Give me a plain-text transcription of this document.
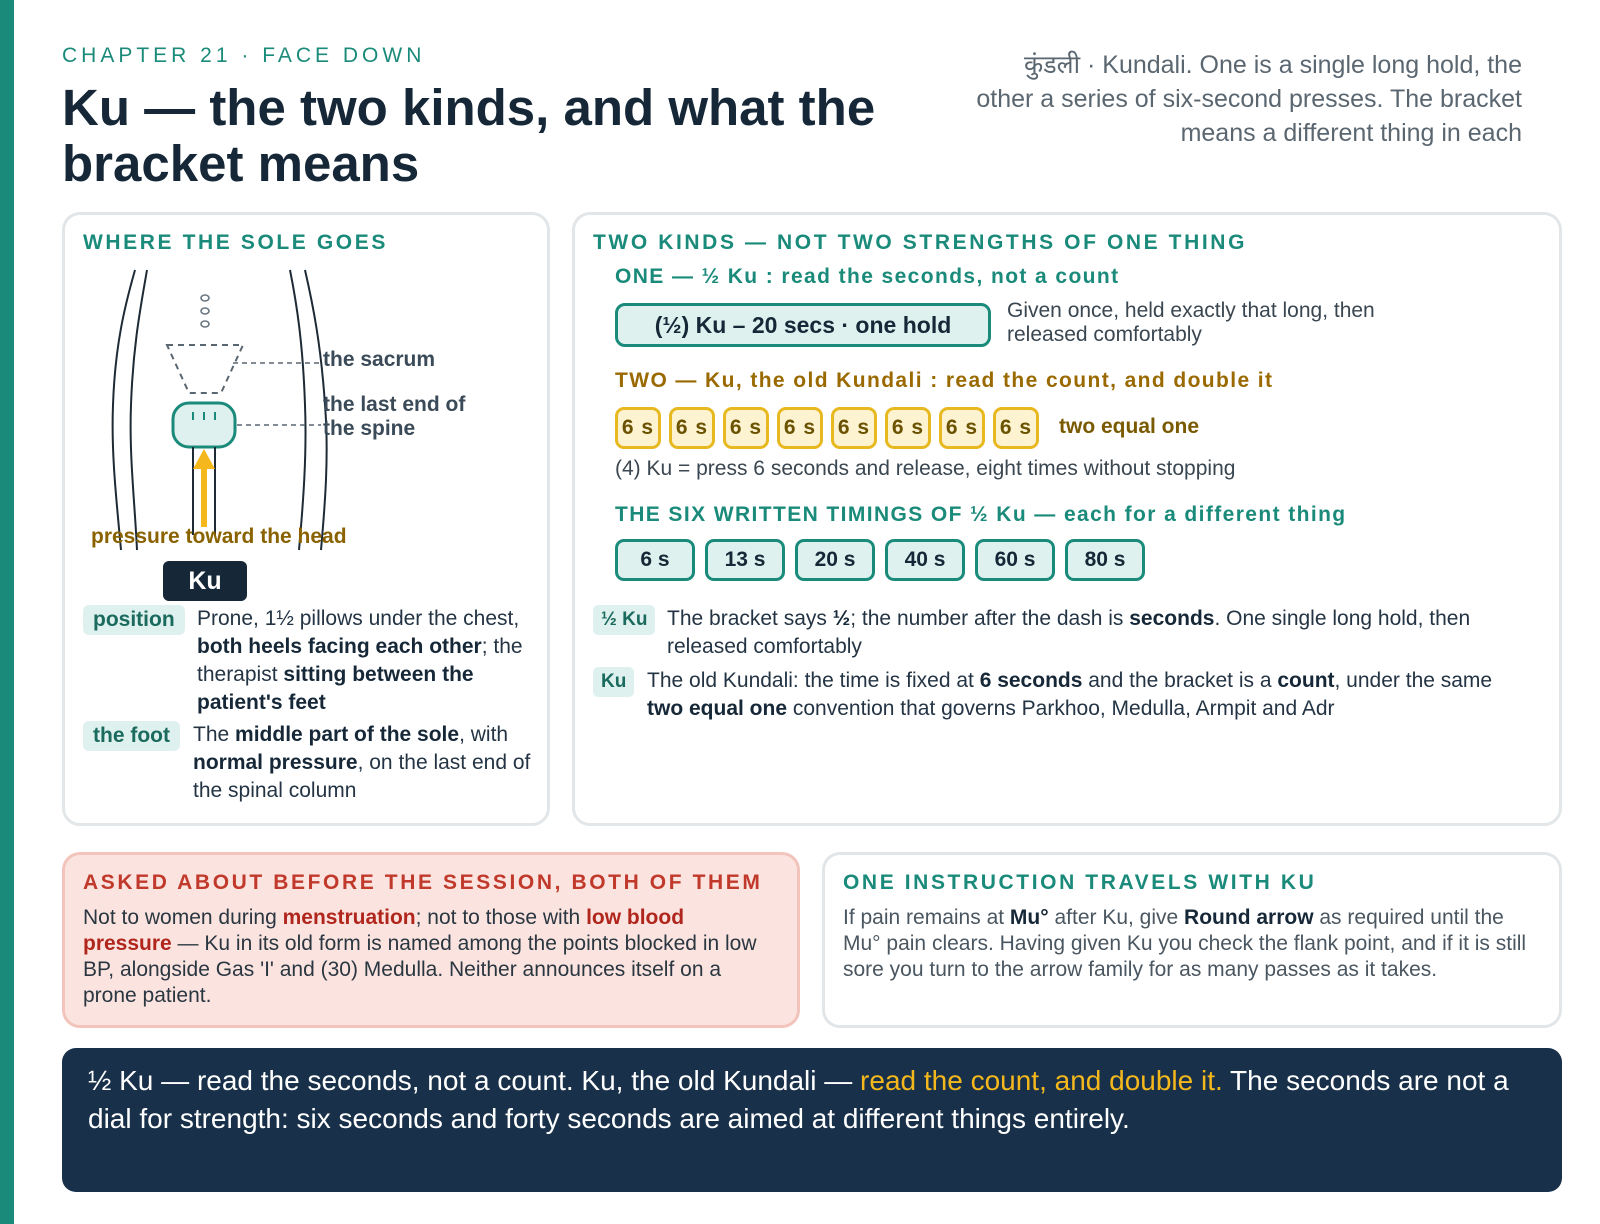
CHAPTER 21 · FACE DOWN
Ku — the two kinds, and what the bracket means
कुंडली · Kundali. One is a single long hold, the other a series of six-second presses. The bracket means a different thing in each
WHERE THE SOLE GOES
the sacrum
the last end of
the spine
pressure toward the head
Ku
position	Prone, 1½ pillows under the chest, both heels facing each other; the therapist sitting between the patient's feet
the foot	The middle part of the sole, with normal pressure, on the last end of the spinal column
TWO KINDS — NOT TWO STRENGTHS OF ONE THING
ONE — ½ Ku : read the seconds, not a count
(½) Ku – 20 secs · one hold
Given once, held exactly that long, then released comfortably
TWO — Ku, the old Kundali : read the count, and double it
6 s	6 s	6 s	6 s	6 s	6 s	6 s	6 s	two equal one
(4) Ku = press 6 seconds and release, eight times without stopping
THE SIX WRITTEN TIMINGS OF ½ Ku — each for a different thing
6 s	13 s	20 s	40 s	60 s	80 s
½ Ku The bracket says ½; the number after the dash is seconds. One single long hold, then released comfortably
Ku The old Kundali: the time is fixed at 6 seconds and the bracket is a count, under the same two equal one convention that governs Parkhoo, Medulla, Armpit and Adr
ASKED ABOUT BEFORE THE SESSION, BOTH OF THEM
Not to women during menstruation; not to those with low blood pressure — Ku in its old form is named among the points blocked in low BP, alongside Gas 'I' and (30) Medulla. Neither announces itself on a prone patient.
ONE INSTRUCTION TRAVELS WITH KU
If pain remains at Mu° after Ku, give Round arrow as required until the Mu° pain clears. Having given Ku you check the flank point, and if it is still sore you turn to the arrow family for as many passes as it takes.
½ Ku — read the seconds, not a count. Ku, the old Kundali — read the count, and double it. The seconds are not a dial for strength: six seconds and forty seconds are aimed at different things entirely.
